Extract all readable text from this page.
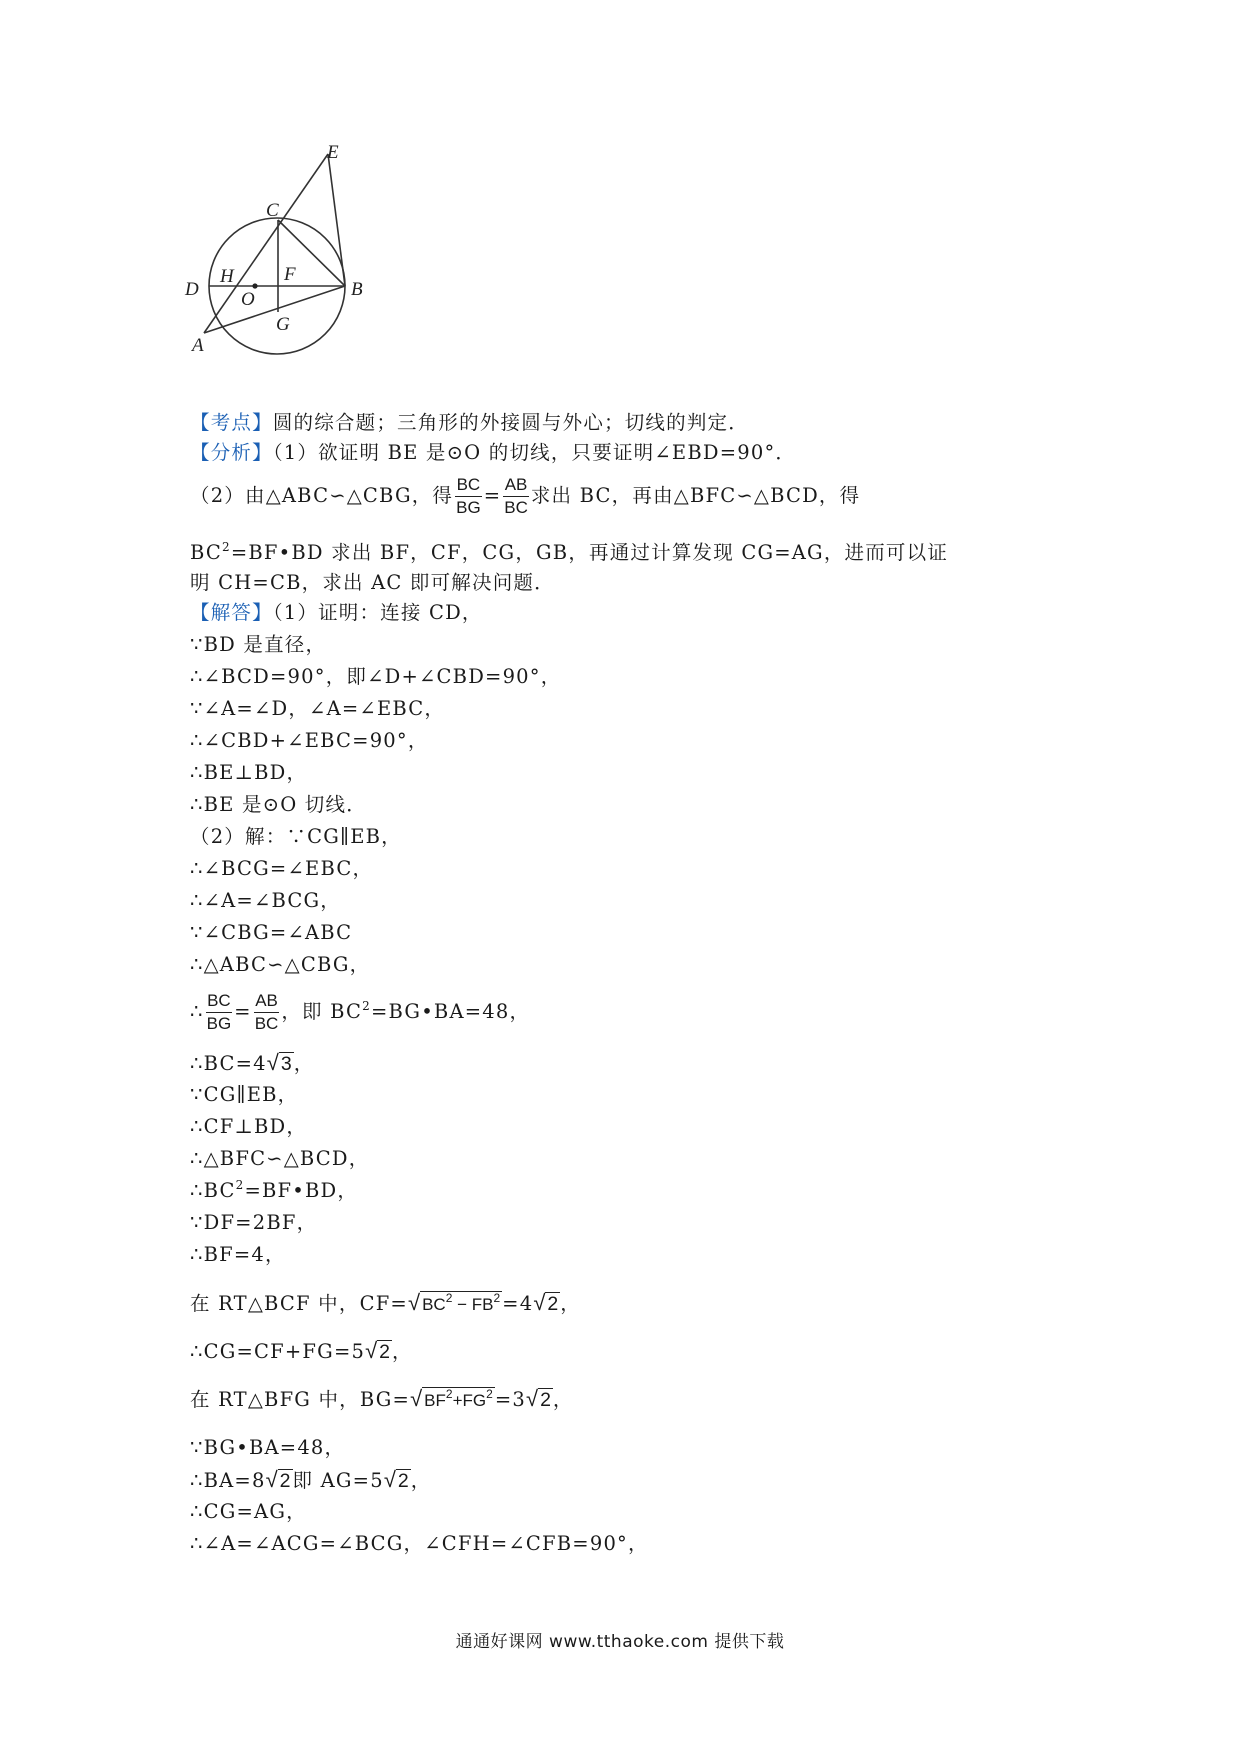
E
C
D
H
O
F
B
G
A
【考点】圆的综合题；三角形的外接圆与外心；切线的判定．
【分析】（1）欲证明 BE 是⊙O 的切线，只要证明∠EBD=90°．
（2）由△ABC∽△CBG，得 $\frac{BC}{BG} = \frac{AB}{BC}$ 求出 BC，再由△BFC∽△BCD，得
$BC^2=BF•BD$ 求出 BF，CF，CG，GB，再通过计算发现 CG=AG，进而可以证
明 CH=CB，求出 AC 即可解决问题．
【解答】（1）证明：连接 CD，
∵BD 是直径，
∴∠BCD=90°，即∠D+∠CBD=90°，
∵∠A=∠D，∠A=∠EBC，
∴∠CBD+∠EBC=90°，
∴BE⊥BD，
∴BE 是⊙O 切线．
（2）解：∵CG∥EB，
∴∠BCG=∠EBC，
∴∠A=∠BCG，
∵∠CBG=∠ABC
∴△ABC∽△CBG，
∴ $\frac{BC}{BG} = \frac{AB}{BC}$ ，即 $BC^2=BG•BA=48$，
∴BC=4√ 3 ，
∵CG∥EB，
∴CF⊥BD，
∴△BFC∽△BCD，
$\therefore BC^2=BF•BD$，
∵DF=2BF，
∴BF=4，
在 RT△BCF 中，CF=√ $BC^2 - FB^2 =4√$ 2 ，
∴CG=CF+FG=5√ 2 ，
在 RT△BFG 中，BG=√ $BF^2+FG^2 =3√$ 2 ，
∵BG•BA=48，
∴BA=8√ 2 即 AG=5√ 2 ，
∴CG=AG，
∴∠A=∠ACG=∠BCG，∠CFH=∠CFB=90°，
通通好课网 www.tthaoke.com 提供下载
